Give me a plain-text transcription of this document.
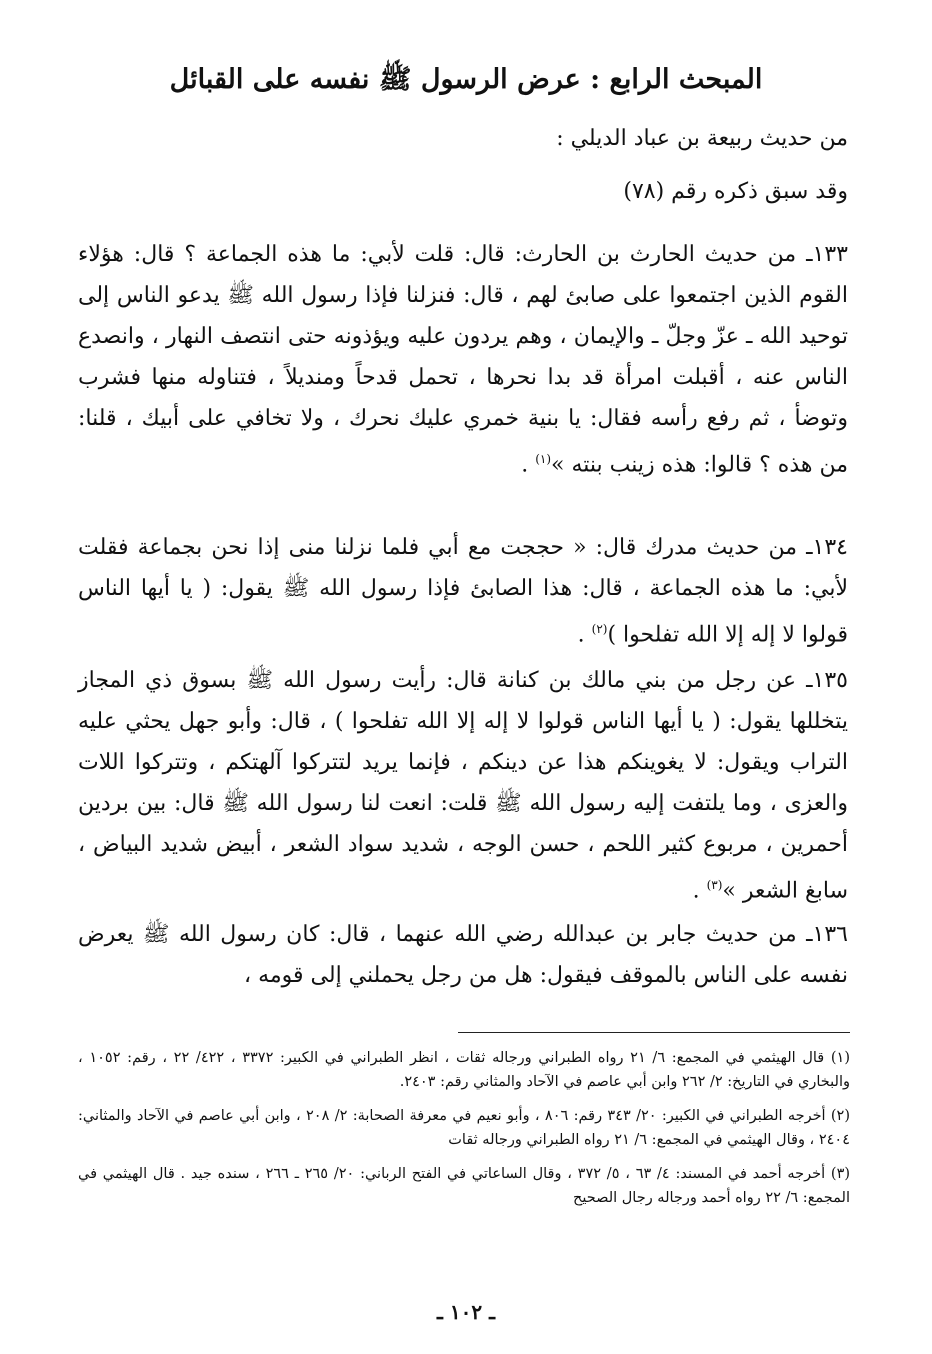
المبحث الرابع : عرض الرسول ﷺ نفسه على القبائل

من حديث ربيعة بن عباد الديلي :

وقد سبق ذكره رقم (٧٨)

١٣٣ـ من حديث الحارث بن الحارث: قال: قلت لأبي: ما هذه الجماعة ؟ قال: هؤلاء القوم الذين اجتمعوا على صابئ لهم ، قال: فنزلنا فإذا رسول الله ﷺ يدعو الناس إلى توحيد الله ـ عزّ وجلّ ـ والإيمان ، وهم يردون عليه ويؤذونه حتى انتصف النهار ، وانصدع الناس عنه ، أقبلت امرأة قد بدا نحرها ، تحمل قدحاً ومنديلاً ، فتناوله منها فشرب وتوضأ ، ثم رفع رأسه فقال: يا بنية خمري عليك نحرك ، ولا تخافي على أبيك ، قلنا: من هذه ؟ قالوا: هذه زينب بنته »$^{(١)}$ .

١٣٤ـ من حديث مدرك قال: « حججت مع أبي فلما نزلنا منى إذا نحن بجماعة فقلت لأبي: ما هذه الجماعة ، قال: هذا الصابئ فإذا رسول الله ﷺ يقول: ( يا أيها الناس قولوا لا إله إلا الله تفلحوا )$^{(٢)}$ .

١٣٥ـ عن رجل من بني مالك بن كنانة قال: رأيت رسول الله ﷺ بسوق ذي المجاز يتخللها يقول: ( يا أيها الناس قولوا لا إله إلا الله تفلحوا ) ، قال: وأبو جهل يحثي عليه التراب ويقول: لا يغوينكم هذا عن دينكم ، فإنما يريد لتتركوا آلهتكم ، وتتركوا اللات والعزى ، وما يلتفت إليه رسول الله ﷺ قلت: انعت لنا رسول الله ﷺ قال: بين بردين أحمرين ، مربوع كثير اللحم ، حسن الوجه ، شديد سواد الشعر ، أبيض شديد البياض ، سابغ الشعر »$^{(٣)}$ .

١٣٦ـ من حديث جابر بن عبدالله رضي الله عنهما ، قال: كان رسول الله ﷺ يعرض نفسه على الناس بالموقف فيقول: هل من رجل يحملني إلى قومه ،

(١) قال الهيثمي في المجمع: ٦/ ٢١ رواه الطبراني ورجاله ثقات ، انظر الطبراني في الكبير: ٣٣٧٢ ، ٤٢٢/ ٢٢ ، رقم: ١٠٥٢ ، والبخاري في التاريخ: ٢/ ٢٦٢ وابن أبي عاصم في الآحاد والمثاني رقم: ٢٤٠٣.

(٢) أخرجه الطبراني في الكبير: ٢٠/ ٣٤٣ رقم: ٨٠٦ ، وأبو نعيم في معرفة الصحابة: ٢/ ٢٠٨ ، وابن أبي عاصم في الآحاد والمثاني: ٢٤٠٤ ، وقال الهيثمي في المجمع: ٦/ ٢١ رواه الطبراني ورجاله ثقات

(٣) أخرجه أحمد في المسند: ٤/ ٦٣ ، ٥/ ٣٧٢ ، وقال الساعاتي في الفتح الرباني: ٢٠/ ٢٦٥ ـ ٢٦٦ ، سنده جيد . قال الهيثمي في المجمع: ٦/ ٢٢ رواه أحمد ورجاله رجال الصحيح

ـ ١٠٢ ـ
